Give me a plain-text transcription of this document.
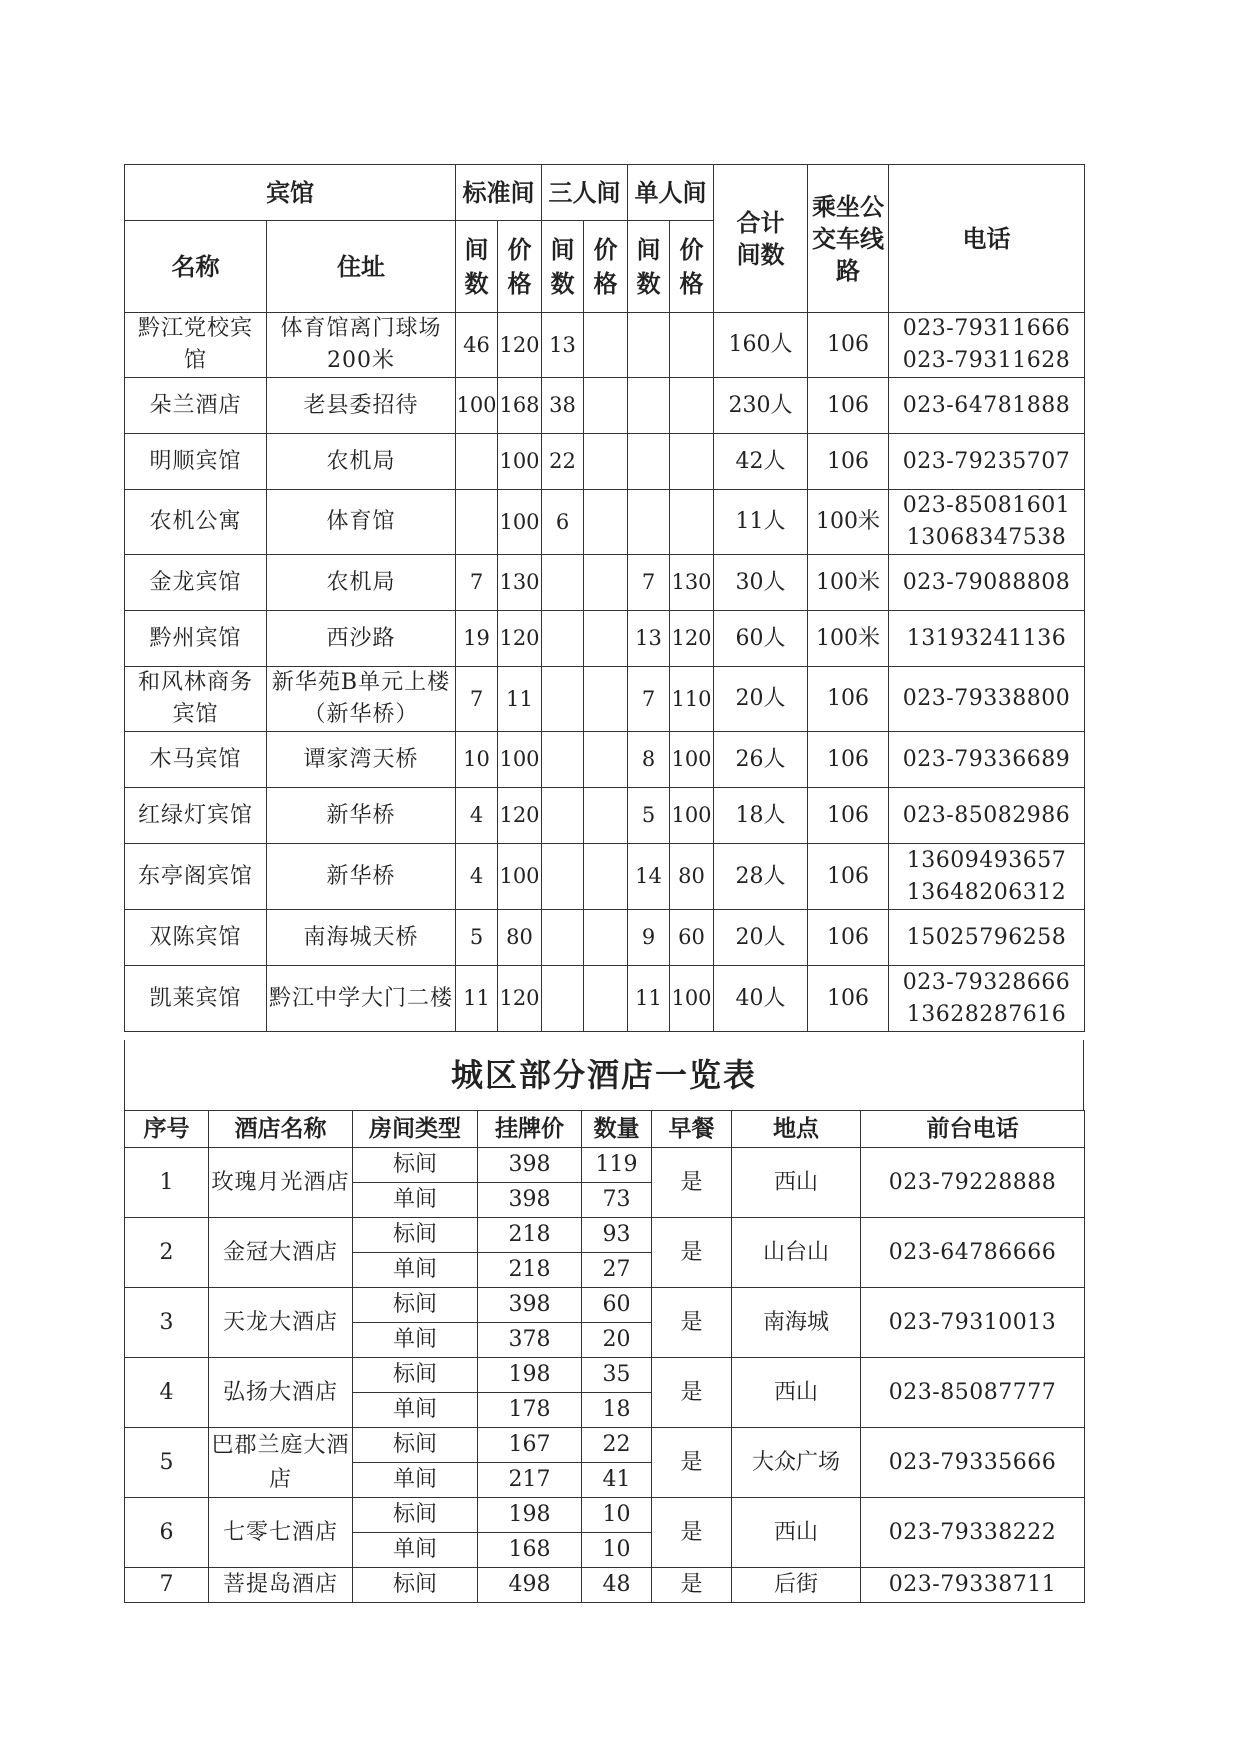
宾馆		标准间		三人间		单人间		合计间数	乘坐公交车线路	电话
名称	住址	间数	价格	间数	价格	间数	价格			
黔江党校宾馆	体育馆离门球场200米	46	120	13				160人	106	023-79311666
023-79311628

朵兰酒店	老县委招待	100	168	38				230人	106	023-64781888

明顺宾馆	农机局		100	22				42人	106	023-79235707

农机公寓	体育馆		100	6				11人	100米	023-85081601
13068347538

金龙宾馆	农机局	7	130			7	130	30人	100米	023-79088808

黔州宾馆	西沙路	19	120			13	120	60人	100米	13193241136

和风林商务宾馆	新华苑B单元上楼（新华桥）	7	11			7	110	20人	106	023-79338800

木马宾馆	谭家湾天桥	10	100			8	100	26人	106	023-79336689

红绿灯宾馆	新华桥	4	120			5	100	18人	106	023-85082986

东亭阁宾馆	新华桥	4	100			14	80	28人	106	13609493657
13648206312

双陈宾馆	南海城天桥	5	80			9	60	20人	106	15025796258

凯莱宾馆	黔江中学大门二楼	11	120			11	100	40人	106	023-79328666
13628287616
城区部分酒店一览表
序号	酒店名称	房间类型	挂牌价	数量	早餐	地点	前台电话
1	玫瑰月光酒店	标间	398	119	是	西山	023-79228888
		单间	398	73			
2	金冠大酒店	标间	218	93	是	山台山	023-64786666
		单间	218	27			
3	天龙大酒店	标间	398	60	是	南海城	023-79310013
		单间	378	20			
4	弘扬大酒店	标间	198	35	是	西山	023-85087777
		单间	178	18			
5	巴郡兰庭大酒店	标间	167	22	是	大众广场	023-79335666
		单间	217	41			
6	七零七酒店	标间	198	10	是	西山	023-79338222
		单间	168	10			
7	菩提岛酒店	标间	498	48	是	后街	023-79338711
